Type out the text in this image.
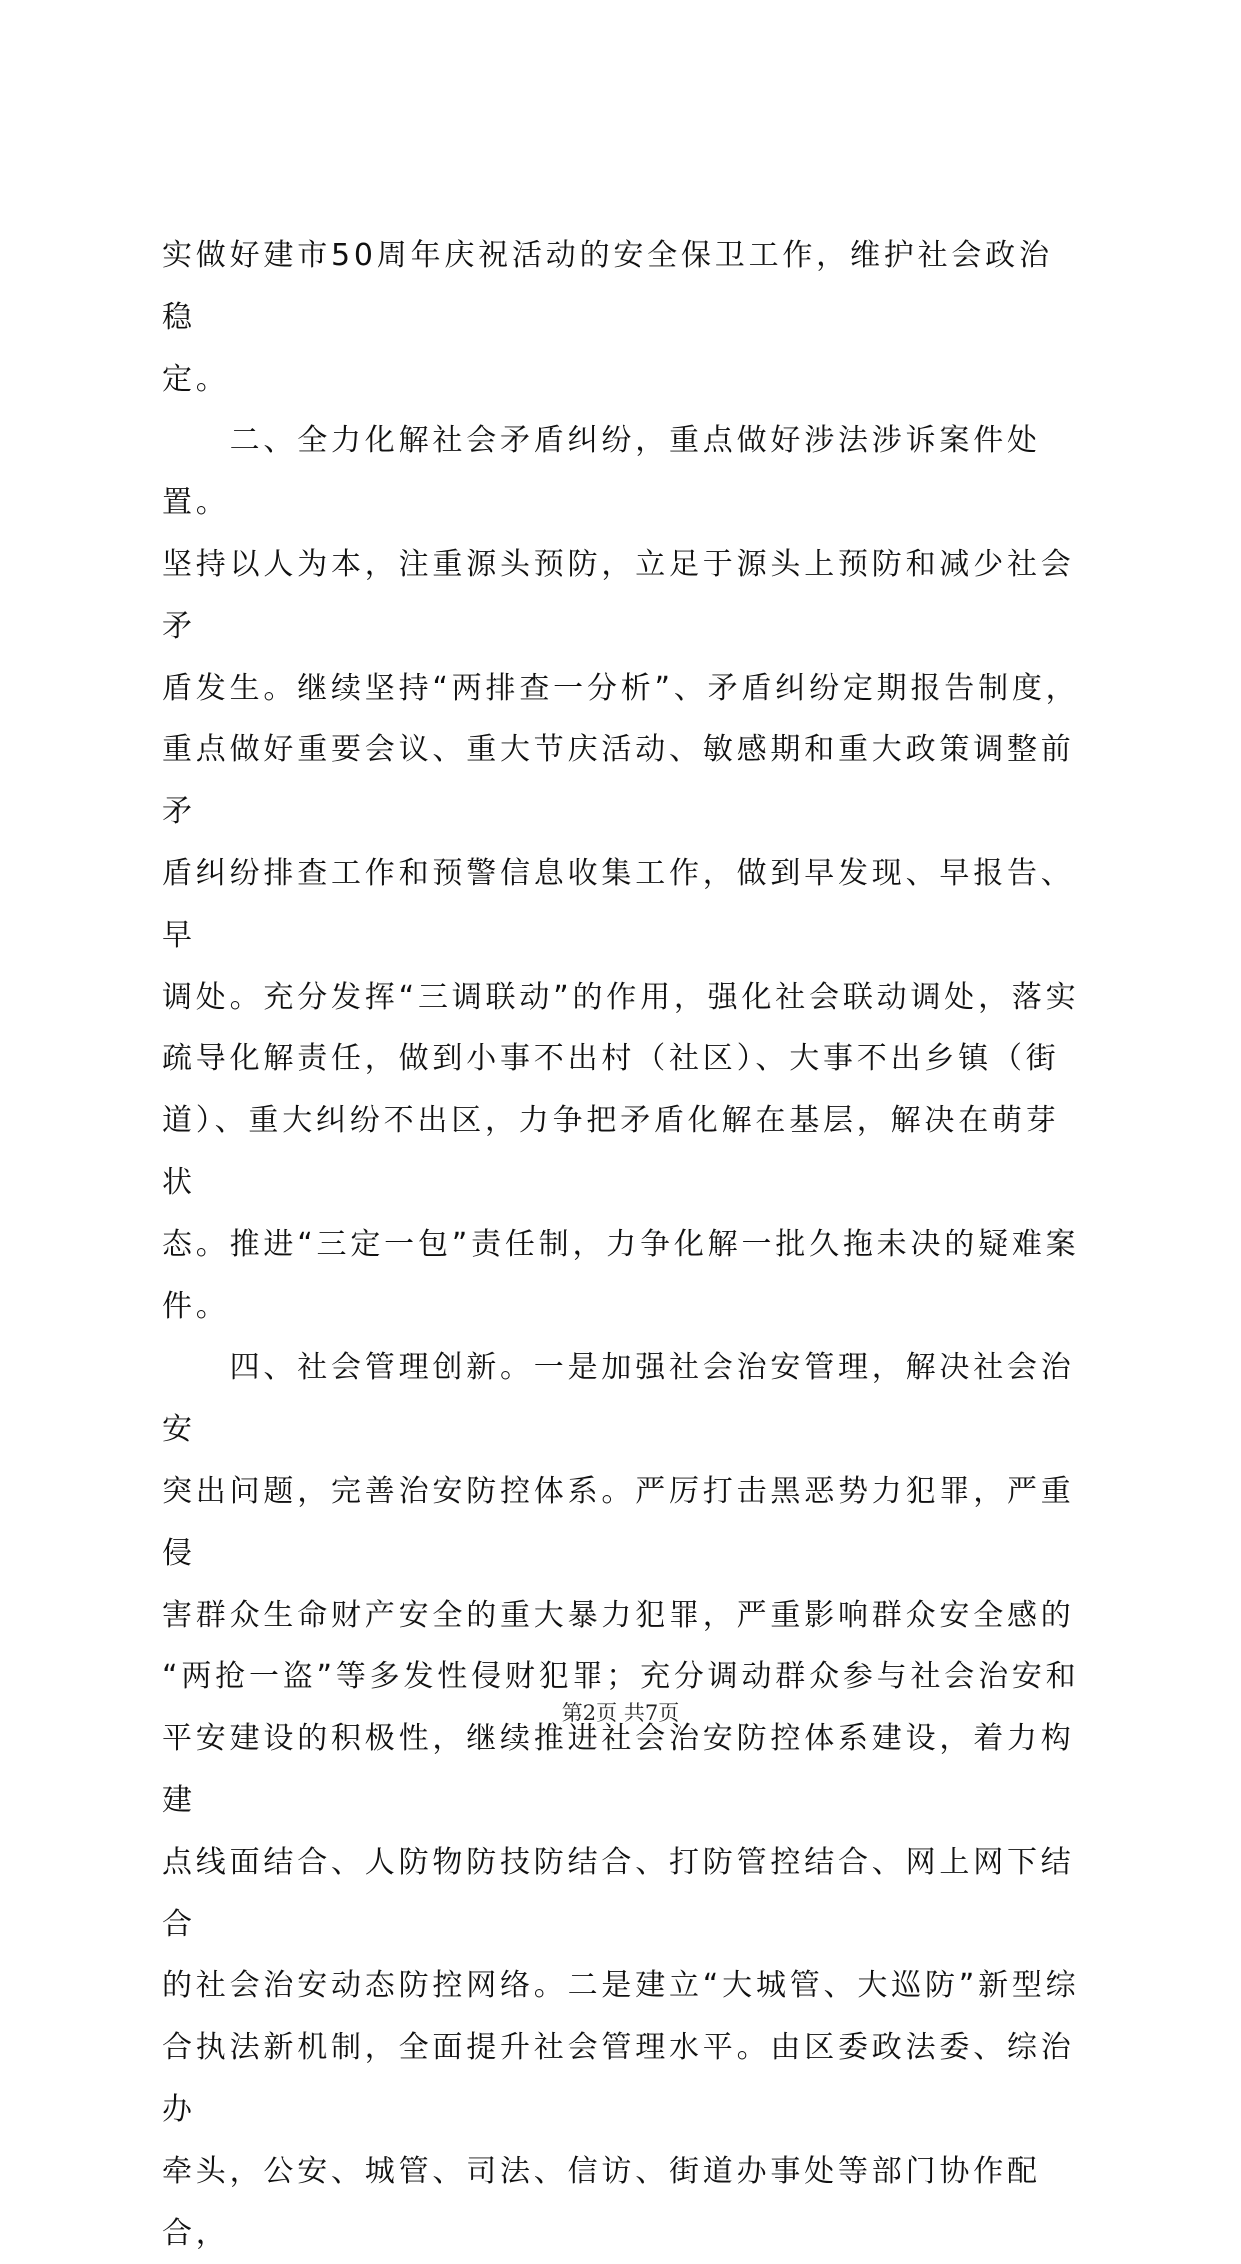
实做好建市50周年庆祝活动的安全保卫工作，维护社会政治稳

定。

　　二、全力化解社会矛盾纠纷，重点做好涉法涉诉案件处置。

坚持以人为本，注重源头预防，立足于源头上预防和减少社会矛

盾发生。继续坚持“两排查一分析”、矛盾纠纷定期报告制度，

重点做好重要会议、重大节庆活动、敏感期和重大政策调整前矛

盾纠纷排查工作和预警信息收集工作，做到早发现、早报告、早

调处。充分发挥“三调联动”的作用，强化社会联动调处，落实

疏导化解责任，做到小事不出村（社区）、大事不出乡镇（街

道）、重大纠纷不出区，力争把矛盾化解在基层，解决在萌芽状

态。推进“三定一包”责任制，力争化解一批久拖未决的疑难案

件。

　　四、社会管理创新。一是加强社会治安管理，解决社会治安

突出问题，完善治安防控体系。严厉打击黑恶势力犯罪，严重侵

害群众生命财产安全的重大暴力犯罪，严重影响群众安全感的

“两抢一盗”等多发性侵财犯罪；充分调动群众参与社会治安和

平安建设的积极性，继续推进社会治安防控体系建设，着力构建

点线面结合、人防物防技防结合、打防管控结合、网上网下结合

的社会治安动态防控网络。二是建立“大城管、大巡防”新型综

合执法新机制，全面提升社会管理水平。由区委政法委、综治办

牵头，公安、城管、司法、信访、街道办事处等部门协作配合，

第2页 共7页
